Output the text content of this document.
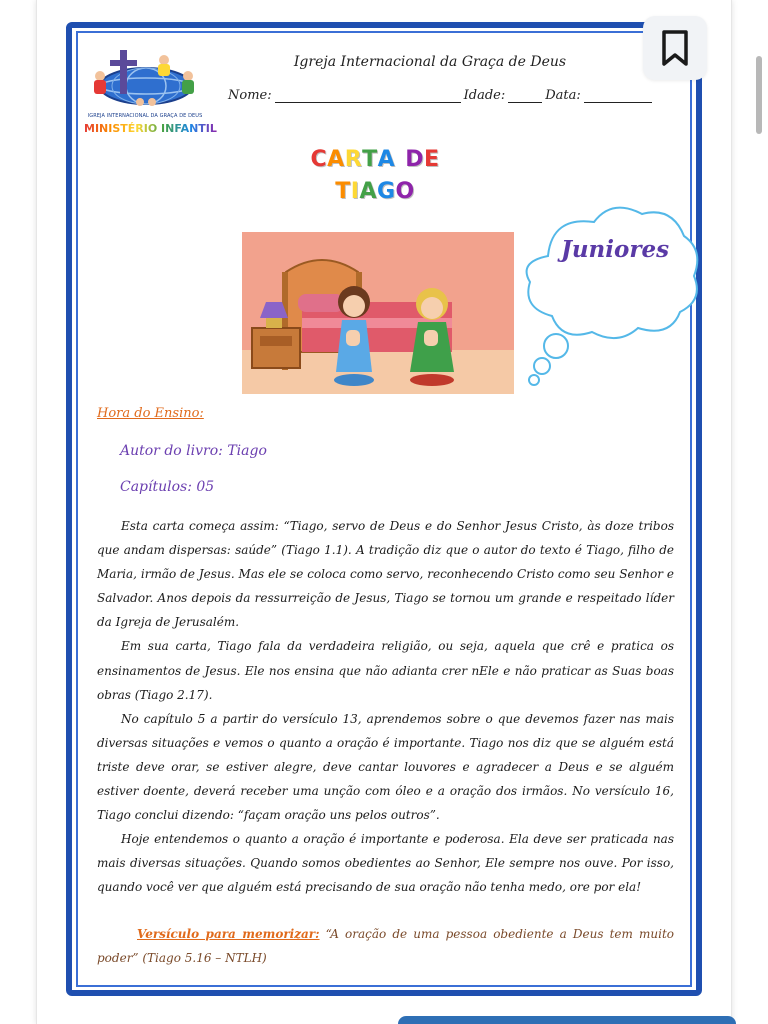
IGREJA INTERNACIONAL DA GRAÇA DE DEUS
MINISTÉRIO INFANTIL
Igreja Internacional da Graça de Deus
Nome:	Idade:	Data:
CARTA DE
TIAGO
Juniores
Hora do Ensino:
Autor do livro: Tiago
Capítulos: 05

Esta carta começa assim: “Tiago, servo de Deus e do Senhor Jesus Cristo, às doze tribos que andam dispersas: saúde” (Tiago 1.1). A tradição diz que o autor do texto é Tiago, filho de Maria, irmão de Jesus. Mas ele se coloca como servo, reconhecendo Cristo como seu Senhor e Salvador. Anos depois da ressurreição de Jesus, Tiago se tornou um grande e respeitado líder da Igreja de Jerusalém.

Em sua carta, Tiago fala da verdadeira religião, ou seja, aquela que crê e pratica os ensinamentos de Jesus. Ele nos ensina que não adianta crer nEle e não praticar as Suas boas obras (Tiago 2.17).

No capítulo 5 a partir do versículo 13, aprendemos sobre o que devemos fazer nas mais diversas situações e vemos o quanto a oração é importante. Tiago nos diz que se alguém está triste deve orar, se estiver alegre, deve cantar louvores e agradecer a Deus e se alguém estiver doente, deverá receber uma unção com óleo e a oração dos irmãos. No versículo 16, Tiago conclui dizendo: “façam oração uns pelos outros”.

Hoje entendemos o quanto a oração é importante e poderosa. Ela deve ser praticada nas mais diversas situações. Quando somos obedientes ao Senhor, Ele sempre nos ouve. Por isso, quando você ver que alguém está precisando de sua oração não tenha medo, ore por ela!

Versículo para memorizar: “A oração de uma pessoa obediente a Deus tem muito poder” (Tiago 5.16 – NTLH)
